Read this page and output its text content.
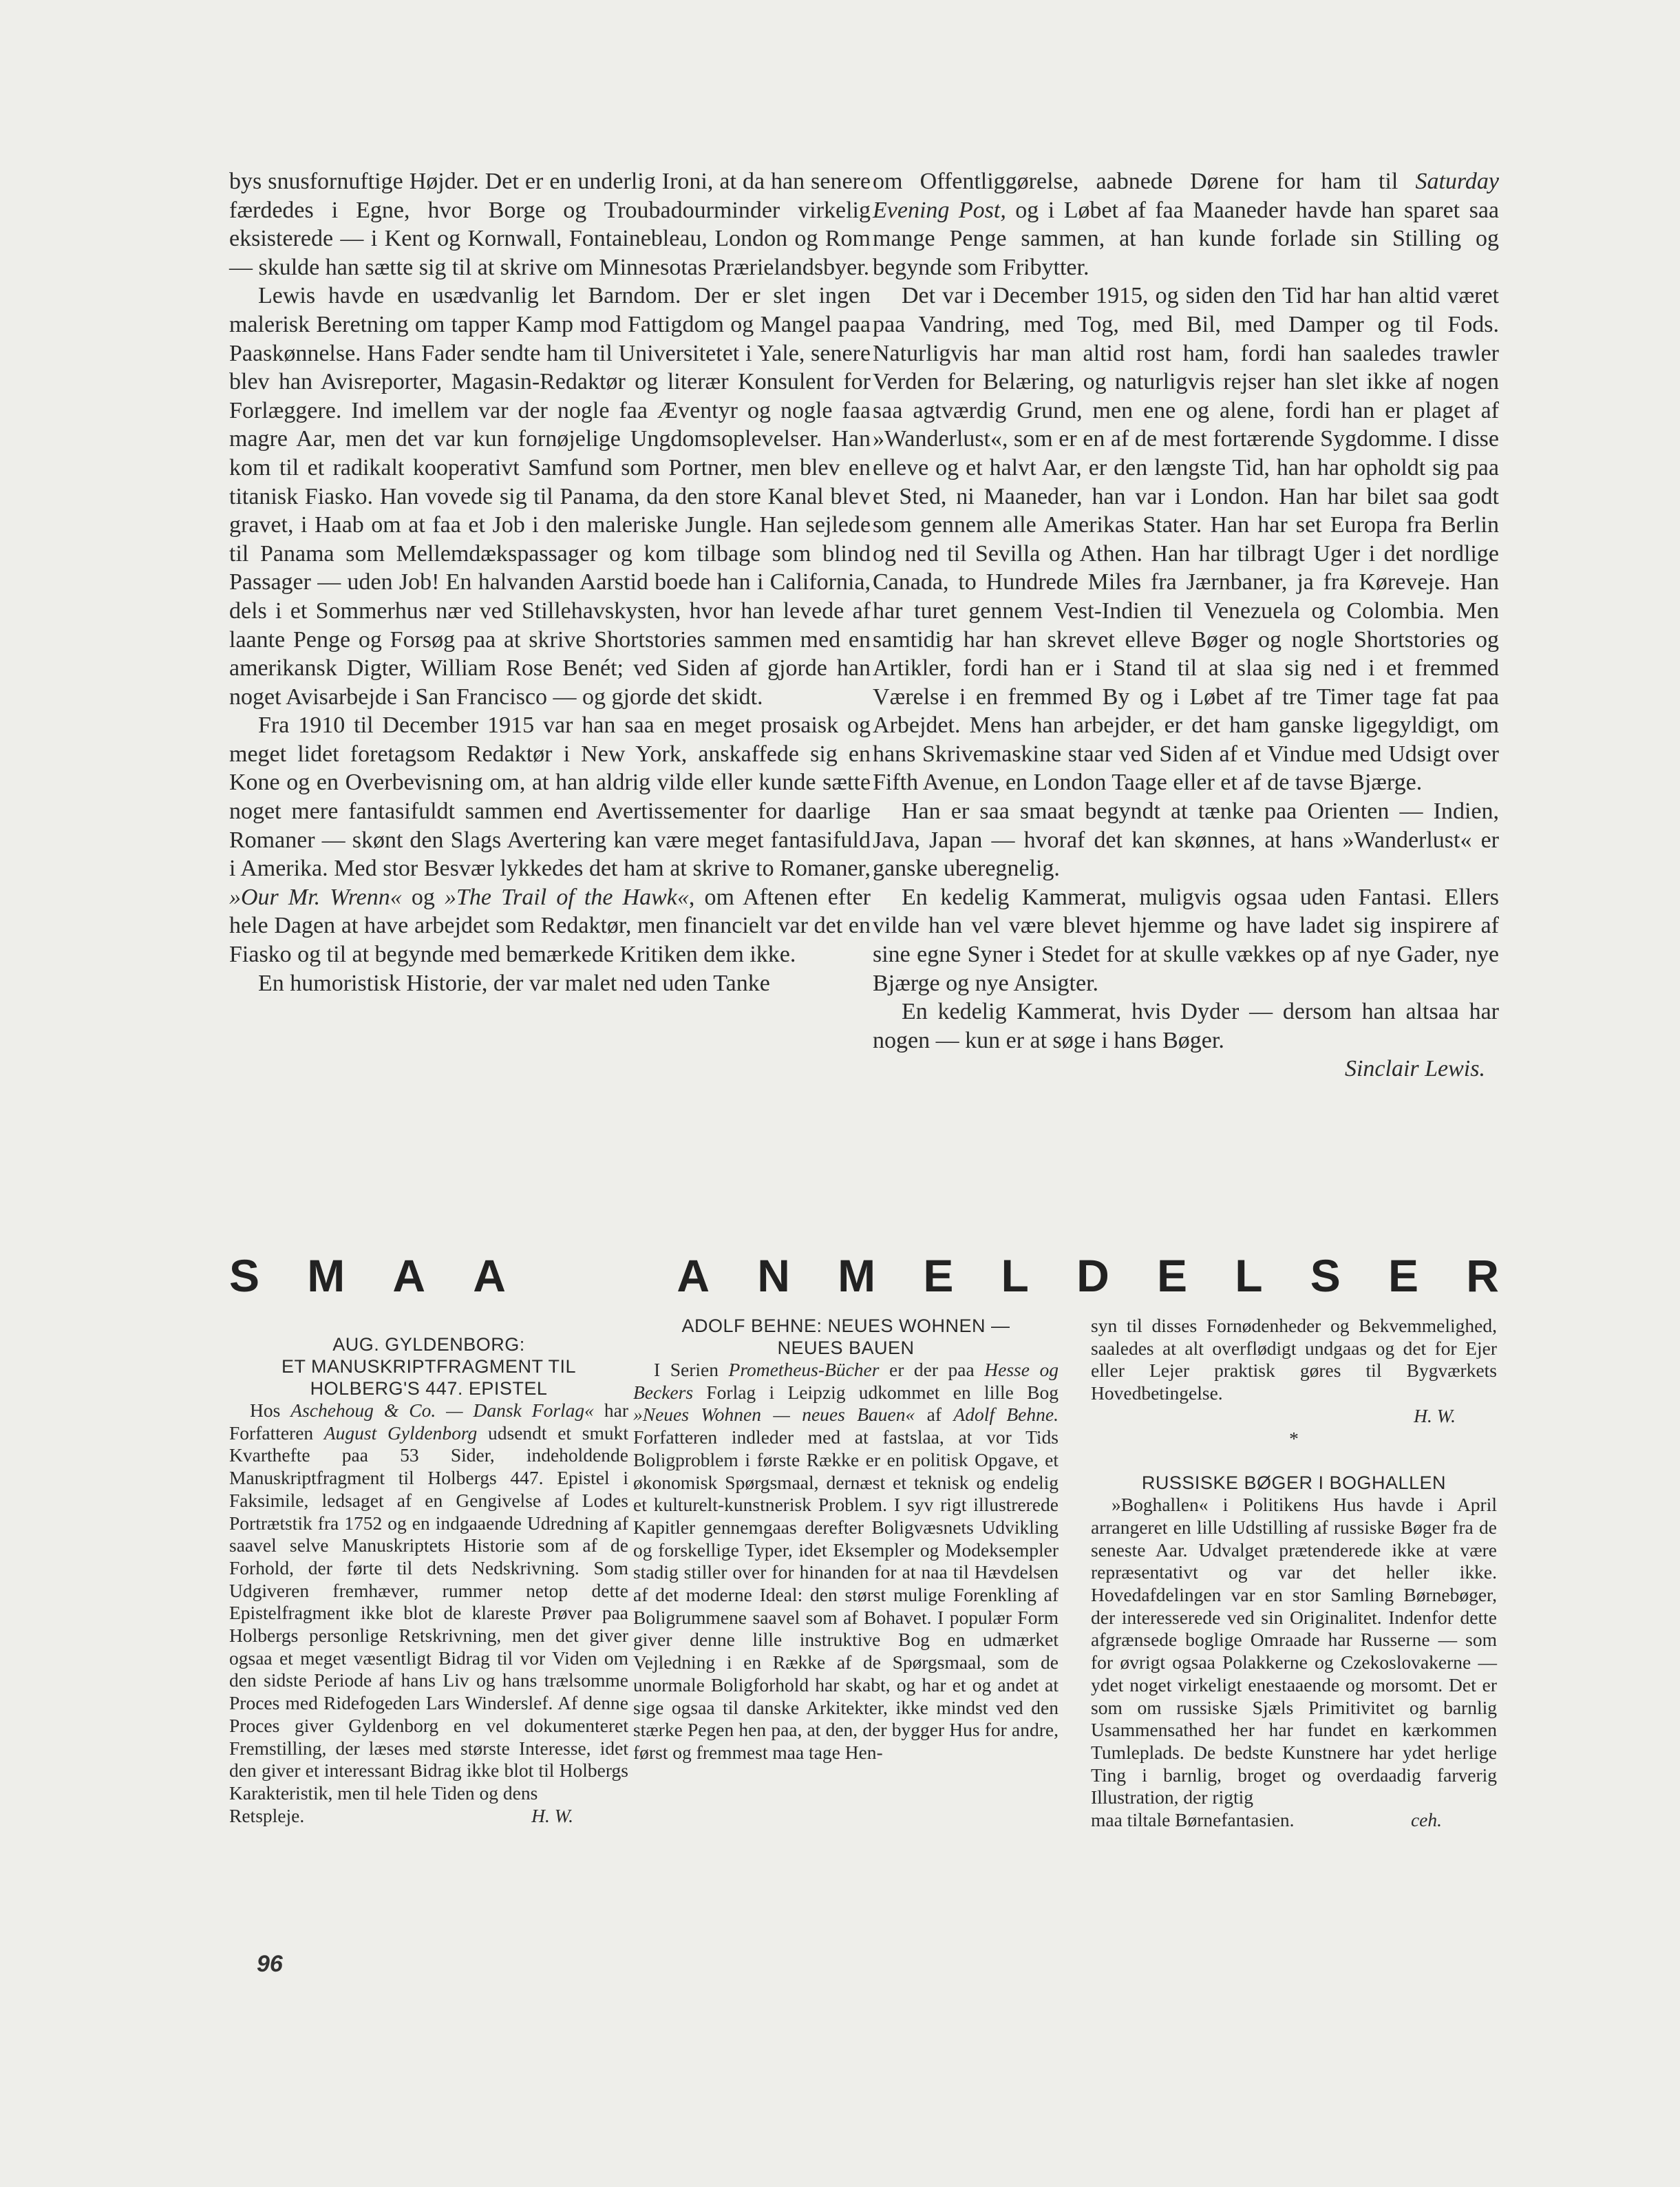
bys snusfornuftige Højder. Det er en underlig Ironi, at da han senere færdedes i Egne, hvor Borge og Troubadourminder virkelig eksisterede — i Kent og Kornwall, Fontainebleau, London og Rom — skulde han sætte sig til at skrive om Minnesotas Prærielandsbyer.

Lewis havde en usædvanlig let Barndom. Der er slet ingen malerisk Beretning om tapper Kamp mod Fattigdom og Mangel paa Paaskønnelse. Hans Fader sendte ham til Universitetet i Yale, senere blev han Avisreporter, Magasin-Redaktør og literær Konsulent for Forlæggere. Ind imellem var der nogle faa Æventyr og nogle faa magre Aar, men det var kun fornøjelige Ungdomsoplevelser. Han kom til et radikalt kooperativt Samfund som Portner, men blev en titanisk Fiasko. Han vovede sig til Panama, da den store Kanal blev gravet, i Haab om at faa et Job i den maleriske Jungle. Han sejlede til Panama som Mellemdækspassager og kom tilbage som blind Passager — uden Job! En halvanden Aarstid boede han i California, dels i et Sommerhus nær ved Stillehavskysten, hvor han levede af laante Penge og Forsøg paa at skrive Shortstories sammen med en amerikansk Digter, William Rose Benét; ved Siden af gjorde han noget Avisarbejde i San Francisco — og gjorde det skidt.

Fra 1910 til December 1915 var han saa en meget prosaisk og meget lidet foretagsom Redaktør i New York, anskaffede sig en Kone og en Overbevisning om, at han aldrig vilde eller kunde sætte noget mere fantasifuldt sammen end Avertissementer for daarlige Romaner — skønt den Slags Avertering kan være meget fantasifuld i Amerika. Med stor Besvær lykkedes det ham at skrive to Romaner, »Our Mr. Wrenn« og »The Trail of the Hawk«, om Aftenen efter hele Dagen at have arbejdet som Redaktør, men financielt var det en Fiasko og til at begynde med bemærkede Kritiken dem ikke.

En humoristisk Historie, der var malet ned uden Tanke

om Offentliggørelse, aabnede Dørene for ham til Saturday Evening Post, og i Løbet af faa Maaneder havde han sparet saa mange Penge sammen, at han kunde forlade sin Stilling og begynde som Fribytter.

Det var i December 1915, og siden den Tid har han altid været paa Vandring, med Tog, med Bil, med Damper og til Fods. Naturligvis har man altid rost ham, fordi han saaledes trawler Verden for Belæring, og naturligvis rejser han slet ikke af nogen saa agtværdig Grund, men ene og alene, fordi han er plaget af »Wanderlust«, som er en af de mest fortærende Sygdomme. I disse elleve og et halvt Aar, er den længste Tid, han har opholdt sig paa et Sted, ni Maaneder, han var i London. Han har bilet saa godt som gennem alle Amerikas Stater. Han har set Europa fra Berlin og ned til Sevilla og Athen. Han har tilbragt Uger i det nordlige Canada, to Hundrede Miles fra Jærnbaner, ja fra Køreveje. Han har turet gennem Vest-Indien til Venezuela og Colombia. Men samtidig har han skrevet elleve Bøger og nogle Shortstories og Artikler, fordi han er i Stand til at slaa sig ned i et fremmed Værelse i en fremmed By og i Løbet af tre Timer tage fat paa Arbejdet. Mens han arbejder, er det ham ganske ligegyldigt, om hans Skrivemaskine staar ved Siden af et Vindue med Udsigt over Fifth Avenue, en London Taage eller et af de tavse Bjærge.

Han er saa smaat begyndt at tænke paa Orienten — Indien, Java, Japan — hvoraf det kan skønnes, at hans »Wanderlust« er ganske uberegnelig.

En kedelig Kammerat, muligvis ogsaa uden Fantasi. Ellers vilde han vel være blevet hjemme og have ladet sig inspirere af sine egne Syner i Stedet for at skulle vækkes op af nye Gader, nye Bjærge og nye Ansigter.

En kedelig Kammerat, hvis Dyder — dersom han altsaa har nogen — kun er at søge i hans Bøger.

Sinclair Lewis.

S M A A	A N M E L D E L S E R

AUG. GYLDENBORG:
ET MANUSKRIPTFRAGMENT TIL
HOLBERG'S 447. EPISTEL

Hos Aschehoug & Co. — Dansk Forlag« har Forfatteren August Gyldenborg udsendt et smukt Kvarthefte paa 53 Sider, indeholdende Manuskriptfragment til Holbergs 447. Epistel i Faksimile, ledsaget af en Gengivelse af Lodes Portrætstik fra 1752 og en indgaaende Udredning af saavel selve Manuskriptets Historie som af de Forhold, der førte til dets Nedskrivning. Som Udgiveren fremhæver, rummer netop dette Epistelfragment ikke blot de klareste Prøver paa Holbergs personlige Retskrivning, men det giver ogsaa et meget væsentligt Bidrag til vor Viden om den sidste Periode af hans Liv og hans trælsomme Proces med Ridefogeden Lars Winderslef. Af denne Proces giver Gyldenborg en vel dokumenteret Fremstilling, der læses med største Interesse, idet den giver et interessant Bidrag ikke blot til Holbergs Karakteristik, men til hele Tiden og dens

Retspleje.	H. W.

ADOLF BEHNE: NEUES WOHNEN —
NEUES BAUEN

I Serien Prometheus-Bücher er der paa Hesse og Beckers Forlag i Leipzig udkommet en lille Bog »Neues Wohnen — neues Bauen« af Adolf Behne. Forfatteren indleder med at fastslaa, at vor Tids Boligproblem i første Række er en politisk Opgave, et økonomisk Spørgsmaal, dernæst et teknisk og endelig et kulturelt-kunstnerisk Problem. I syv rigt illustrerede Kapitler gennemgaas derefter Boligvæsnets Udvikling og forskellige Typer, idet Eksempler og Modeksempler stadig stiller over for hinanden for at naa til Hævdelsen af det moderne Ideal: den størst mulige Forenkling af Boligrummene saavel som af Bohavet. I populær Form giver denne lille instruktive Bog en udmærket Vejledning i en Række af de Spørgsmaal, som de unormale Boligforhold har skabt, og har et og andet at sige ogsaa til danske Arkitekter, ikke mindst ved den stærke Pegen hen paa, at den, der bygger Hus for andre, først og fremmest maa tage Hen-

syn til disses Fornødenheder og Bekvemmelighed, saaledes at alt overflødigt undgaas og det for Ejer eller Lejer praktisk gøres til Bygværkets Hovedbetingelse.

H. W.

*

RUSSISKE BØGER I BOGHALLEN

»Boghallen« i Politikens Hus havde i April arrangeret en lille Udstilling af russiske Bøger fra de seneste Aar. Udvalget prætenderede ikke at være repræsentativt og var det heller ikke. Hovedafdelingen var en stor Samling Børnebøger, der interesserede ved sin Originalitet. Indenfor dette afgrænsede boglige Omraade har Russerne — som for øvrigt ogsaa Polakkerne og Czekoslovakerne — ydet noget virkeligt enestaaende og morsomt. Det er som om russiske Sjæls Primitivitet og barnlig Usammensathed her har fundet en kærkommen Tumleplads. De bedste Kunstnere har ydet herlige Ting i barnlig, broget og overdaadig farverig Illustration, der rigtig

maa tiltale Børnefantasien.	ceh.

96
